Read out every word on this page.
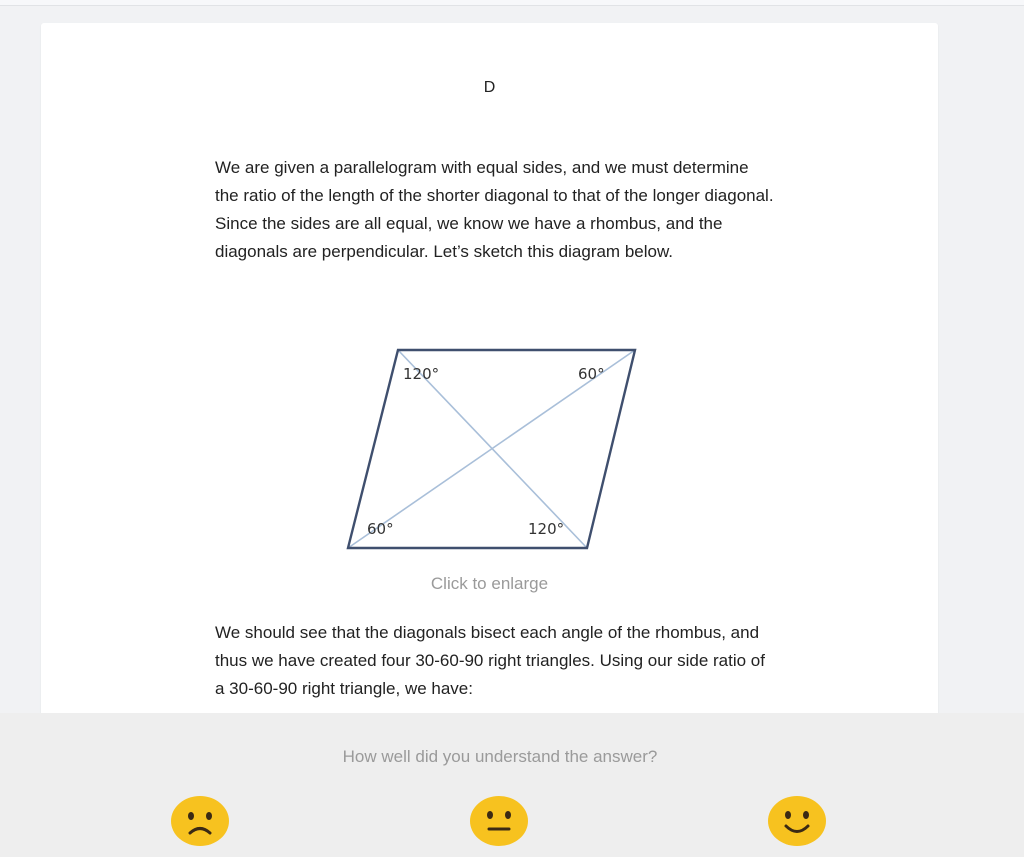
D

We are given a parallelogram with equal sides, and we must determine the ratio of the length of the shorter diagonal to that of the longer diagonal. Since the sides are all equal, we know we have a rhombus, and the diagonals are perpendicular. Let’s sketch this diagram below.

120°	60°
60°	120°
Click to enlarge

We should see that the diagonals bisect each angle of the rhombus, and thus we have created four 30-60-90 right triangles. Using our side ratio of a 30-60-90 right triangle, we have:

How well did you understand the answer?
